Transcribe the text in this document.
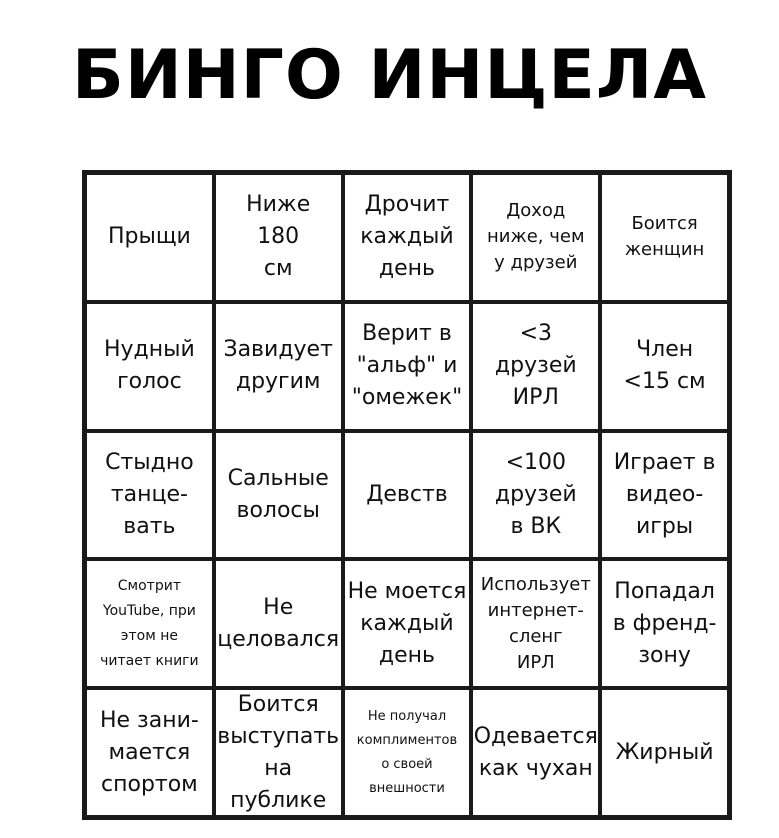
БИНГО ИНЦЕЛА
Прыщи
Ниже
180
см
Дрочит
каждый
день
Доход
ниже, чем
у друзей
Боится
женщин
Нудный
голос
Завидует
другим
Верит в
"альф" и
"омежек"
<3 друзей
ИРЛ
Член
<15 см
Стыдно
танце-
вать
Сальные
волосы
Девств
<100
друзей
в ВК
Играет в
видео-
игры
Смотрит
YouTube, при
этом не
читает книги
Не
целовался
Не моется
каждый
день
Использует
интернет-
сленг
ИРЛ
Попадал
в френд-
зону
Не зани-
мается
спортом
Боится
выступать
на публике
Не получал
комплиментов
о своей
внешности
Одевается
как чухан
Жирный
